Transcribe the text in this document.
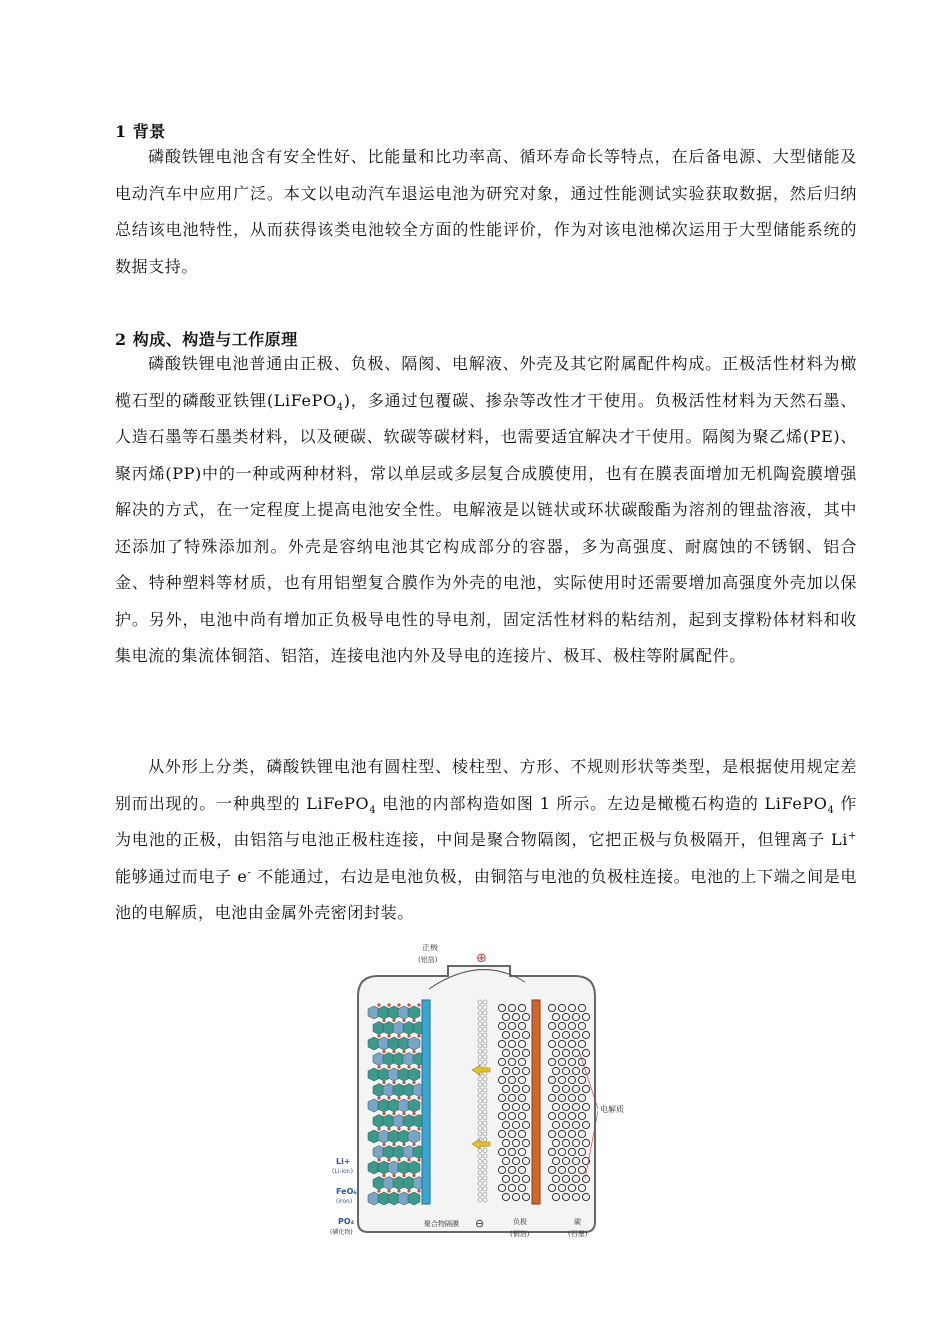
1 背景

磷酸铁锂电池含有安全性好、比能量和比功率高、循环寿命长等特点，在后备电源、大型储能及电动汽车中应用广泛。本文以电动汽车退运电池为研究对象，通过性能测试实验获取数据，然后归纳总结该电池特性，从而获得该类电池较全方面的性能评价，作为对该电池梯次运用于大型储能系统的数据支持。

2 构成、构造与工作原理

磷酸铁锂电池普通由正极、负极、隔阂、电解液、外壳及其它附属配件构成。正极活性材料为橄榄石型的磷酸亚铁锂(LiFePO$_4$)，多通过包覆碳、掺杂等改性才干使用。负极活性材料为天然石墨、人造石墨等石墨类材料，以及硬碳、软碳等碳材料，也需要适宜解决才干使用。隔阂为聚乙烯(PE)、聚丙烯(PP)中的一种或两种材料，常以单层或多层复合成膜使用，也有在膜表面增加无机陶瓷膜增强解决的方式，在一定程度上提高电池安全性。电解液是以链状或环状碳酸酯为溶剂的锂盐溶液，其中还添加了特殊添加剂。外壳是容纳电池其它构成部分的容器，多为高强度、耐腐蚀的不锈钢、铝合金、特种塑料等材质，也有用铝塑复合膜作为外壳的电池，实际使用时还需要增加高强度外壳加以保护。另外，电池中尚有增加正负极导电性的导电剂，固定活性材料的粘结剂，起到支撑粉体材料和收集电流的集流体铜箔、铝箔，连接电池内外及导电的连接片、极耳、极柱等附属配件。

从外形上分类，磷酸铁锂电池有圆柱型、棱柱型、方形、不规则形状等类型，是根据使用规定差别而出现的。一种典型的 LiFePO$_4$ 电池的内部构造如图 1 所示。左边是橄榄石构造的 LiFePO$_4$ 作为电池的正极，由铝箔与电池正极柱连接，中间是聚合物隔阂，它把正极与负极隔开，但锂离子 Li+ 能够通过而电子 e- 不能通过，右边是电池负极，由铜箔与电池的负极柱连接。电池的上下端之间是电池的电解质，电池由金属外壳密闭封装。

正极
(铝箔)	⊕
电解质
Li+
(Li-ion)
FeO₆
(iron)
PO₄
(磷化物)
聚合物隔膜 ⊖	负极
(铜箔)
碳
(石墨)
